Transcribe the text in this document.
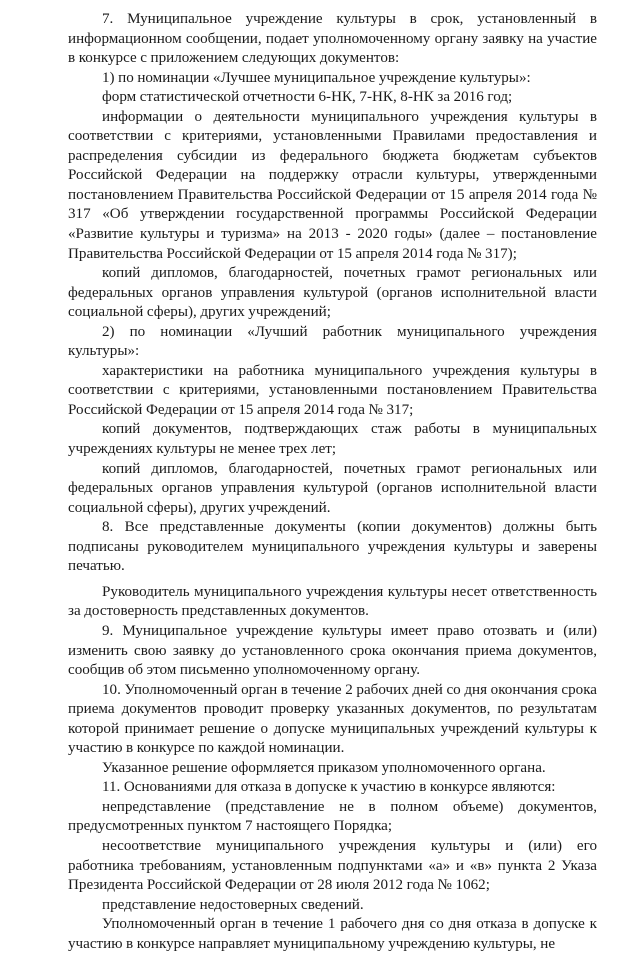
7. Муниципальное учреждение культуры в срок, установленный в информационном сообщении, подает уполномоченному органу заявку на участие в конкурсе с приложением следующих документов:

1) по номинации «Лучшее муниципальное учреждение культуры»:

форм статистической отчетности 6-НК, 7-НК, 8-НК за 2016 год;

информации о деятельности муниципального учреждения культуры в соответствии с критериями, установленными Правилами предоставления и распределения субсидии из федерального бюджета бюджетам субъектов Российской Федерации на поддержку отрасли культуры, утвержденными постановлением Правительства Российской Федерации от 15 апреля 2014 года № 317 «Об утверждении государственной программы Российской Федерации «Развитие культуры и туризма» на 2013 - 2020 годы» (далее – постановление Правительства Российской Федерации от 15 апреля 2014 года № 317);

копий дипломов, благодарностей, почетных грамот региональных или федеральных органов управления культурой (органов исполнительной власти социальной сферы), других учреждений;

2) по номинации «Лучший работник муниципального учреждения культуры»:

характеристики на работника муниципального учреждения культуры в соответствии с критериями, установленными постановлением Правительства Российской Федерации от 15 апреля 2014 года № 317;

копий документов, подтверждающих стаж работы в муниципальных учреждениях культуры не менее трех лет;

копий дипломов, благодарностей, почетных грамот региональных или федеральных органов управления культурой (органов исполнительной власти социальной сферы), других учреждений.

8. Все представленные документы (копии документов) должны быть подписаны руководителем муниципального учреждения культуры и заверены печатью.

Руководитель муниципального учреждения культуры несет ответственность за достоверность представленных документов.

9. Муниципальное учреждение культуры имеет право отозвать и (или) изменить свою заявку до установленного срока окончания приема документов, сообщив об этом письменно уполномоченному органу.

10. Уполномоченный орган в течение 2 рабочих дней со дня окончания срока приема документов проводит проверку указанных документов, по результатам которой принимает решение о допуске муниципальных учреждений культуры к участию в конкурсе по каждой номинации.

Указанное решение оформляется приказом уполномоченного органа.

11. Основаниями для отказа в допуске к участию в конкурсе являются:

непредставление (представление не в полном объеме) документов, предусмотренных пунктом 7 настоящего Порядка;

несоответствие муниципального учреждения культуры и (или) его работника требованиям, установленным подпунктами «а» и «в» пункта 2 Указа Президента Российской Федерации от 28 июля 2012 года № 1062;

представление недостоверных сведений.

Уполномоченный орган в течение 1 рабочего дня со дня отказа в допуске к участию в конкурсе направляет муниципальному учреждению культуры, не
